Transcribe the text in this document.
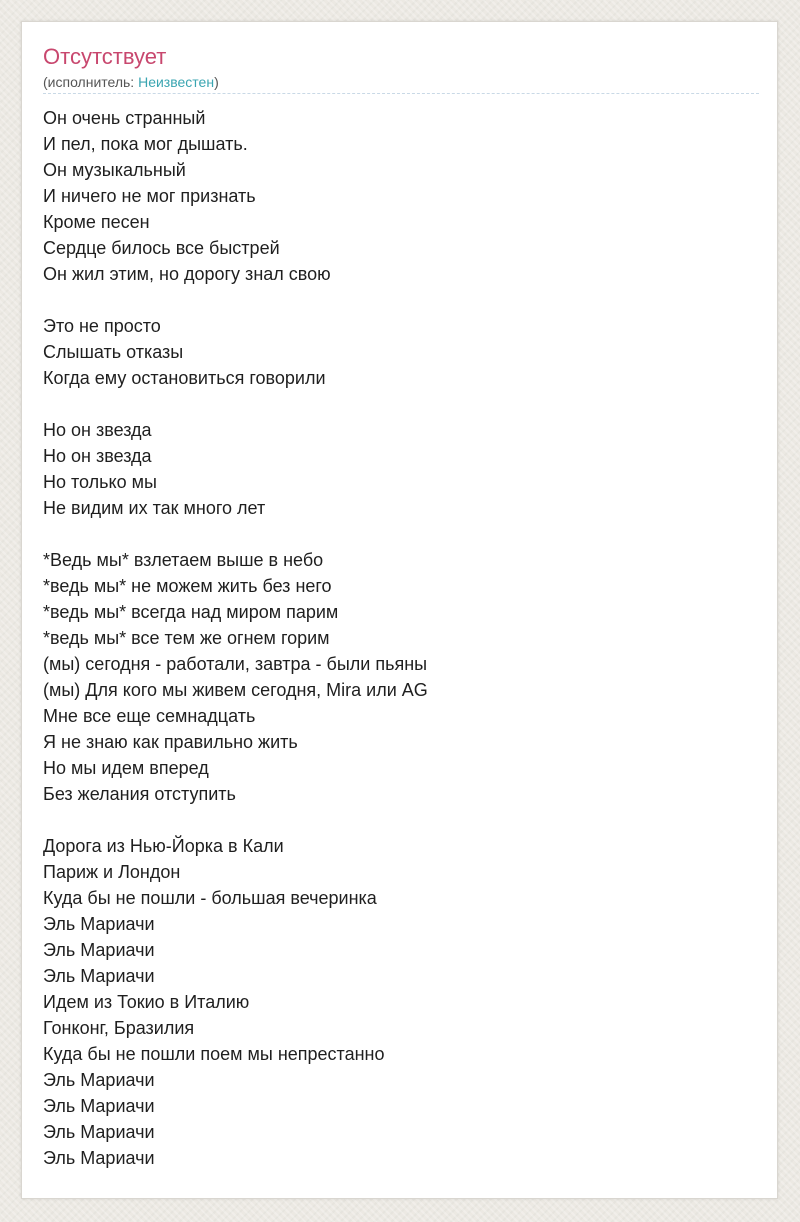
Отсутствует
(исполнитель: Неизвестен)
Он очень странный
И пел, пока мог дышать.
Он музыкальный
И ничего не мог признать
Кроме песен
Сердце билось все быстрей
Он жил этим, но дорогу знал свою
Это не просто
Слышать отказы
Когда ему остановиться говорили
Но он звезда
Но он звезда
Но только мы
Не видим их так много лет
*Ведь мы* взлетаем выше в небо
*ведь мы* не можем жить без него
*ведь мы* всегда над миром парим
*ведь мы* все тем же огнем горим
(мы) сегодня - работали, завтра - были пьяны
(мы) Для кого мы живем сегодня, Mira или AG
Мне все еще семнадцать
Я не знаю как правильно жить
Но мы идем вперед
Без желания отступить
Дорога из Нью-Йорка в Кали
Париж и Лондон
Куда бы не пошли - большая вечеринка
Эль Мариачи
Эль Мариачи
Эль Мариачи
Идем из Токио в Италию
Гонконг, Бразилия
Куда бы не пошли поем мы непрестанно
Эль Мариачи
Эль Мариачи
Эль Мариачи
Эль Мариачи
